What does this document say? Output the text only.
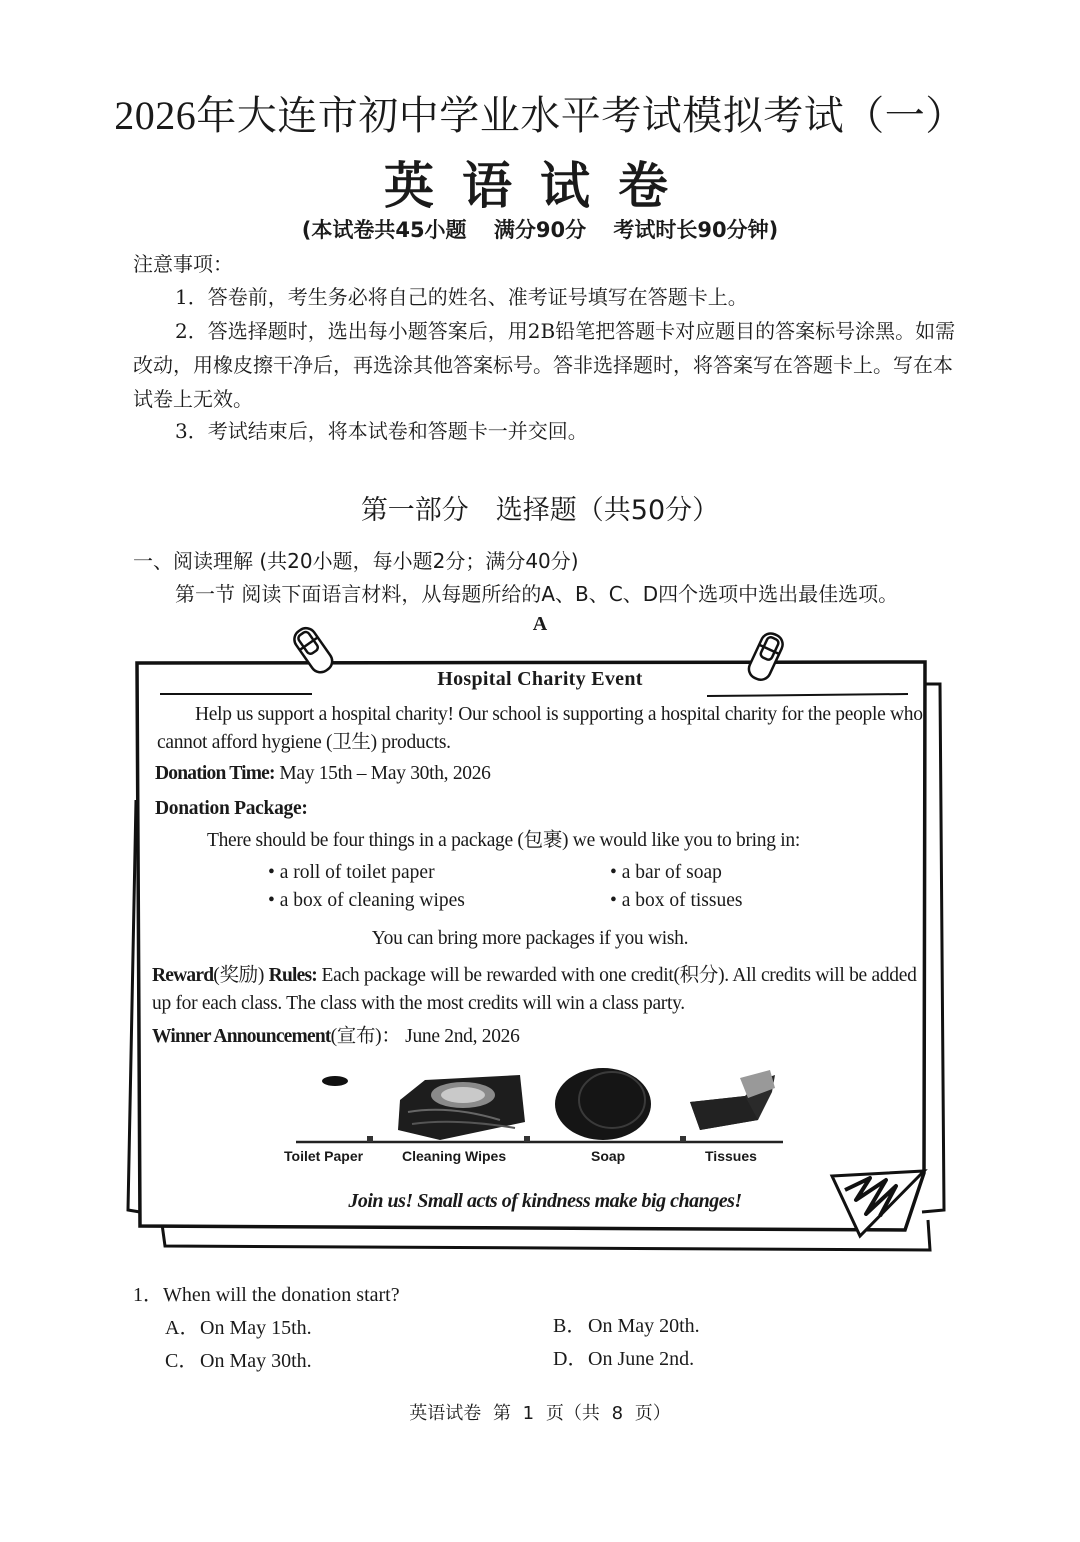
2026年大连市初中学业水平考试模拟考试（一）
英语试卷
(本试卷共45小题 满分90分 考试时长90分钟)
注意事项：
1．答卷前，考生务必将自己的姓名、准考证号填写在答题卡上。
2．答选择题时，选出每小题答案后，用2B铅笔把答题卡对应题目的答案标号涂黑。如需改动，用橡皮擦干净后，再选涂其他答案标号。答非选择题时，将答案写在答题卡上。写在本试卷上无效。
3．考试结束后，将本试卷和答题卡一并交回。
第一部分　选择题（共50分）
一、阅读理解 (共20小题，每小题2分；满分40分)
第一节 阅读下面语言材料，从每题所给的A、B、C、D四个选项中选出最佳选项。
A
Hospital Charity Event
Help us support a hospital charity! Our school is supporting a hospital charity for the people who cannot afford hygiene (卫生) products.
Donation Time: May 15th – May 30th, 2026
Donation Package:
There should be four things in a package (包裹) we would like you to bring in:
• a roll of toilet paper
• a box of cleaning wipes
• a bar of soap
• a box of tissues
You can bring more packages if you wish.
Reward(奖励) Rules: Each package will be rewarded with one credit(积分). All credits will be added up for each class. The class with the most credits will win a class party.
Winner Announcement(宣布)： June 2nd, 2026
Toilet Paper	Cleaning Wipes	Soap	Tissues
Join us! Small acts of kindness make big changes!
1．When will the donation start?
A．On May 15th.	B．On May 20th.
C．On May 30th.	D．On June 2nd.
英语试卷 第 1 页（共 8 页）
